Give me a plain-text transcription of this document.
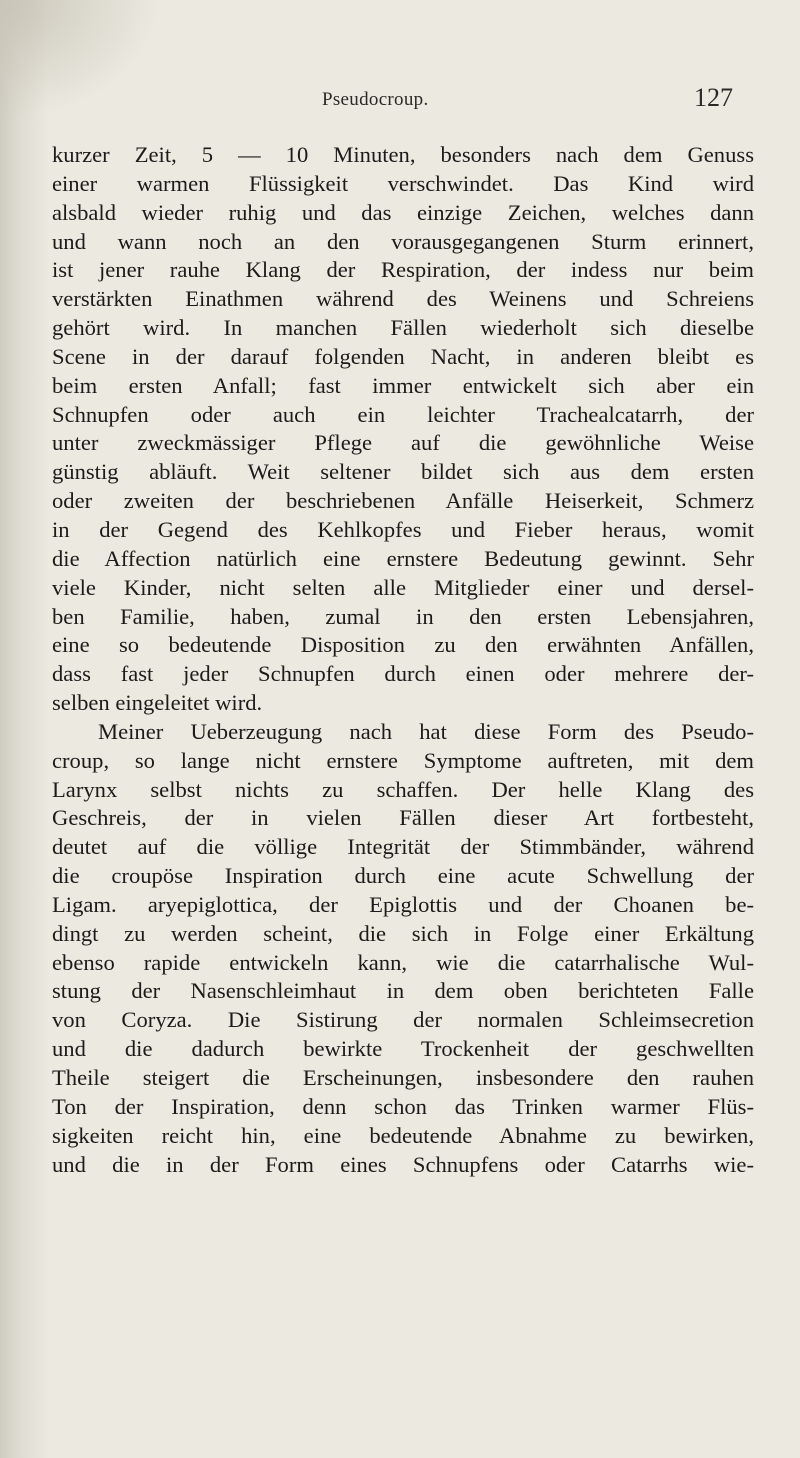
Pseudocroup.	127
kurzer Zeit, 5 — 10 Minuten, besonders nach dem Genuss
einer warmen Flüssigkeit verschwindet. Das Kind wird
alsbald wieder ruhig und das einzige Zeichen, welches dann
und wann noch an den vorausgegangenen Sturm erinnert,
ist jener rauhe Klang der Respiration, der indess nur beim
verstärkten Einathmen während des Weinens und Schreiens
gehört wird. In manchen Fällen wiederholt sich dieselbe
Scene in der darauf folgenden Nacht, in anderen bleibt es
beim ersten Anfall; fast immer entwickelt sich aber ein
Schnupfen oder auch ein leichter Trachealcatarrh, der
unter zweckmässiger Pflege auf die gewöhnliche Weise
günstig abläuft. Weit seltener bildet sich aus dem ersten
oder zweiten der beschriebenen Anfälle Heiserkeit, Schmerz
in der Gegend des Kehlkopfes und Fieber heraus, womit
die Affection natürlich eine ernstere Bedeutung gewinnt. Sehr
viele Kinder, nicht selten alle Mitglieder einer und dersel-
ben Familie, haben, zumal in den ersten Lebensjahren,
eine so bedeutende Disposition zu den erwähnten Anfällen,
dass fast jeder Schnupfen durch einen oder mehrere der-
selben eingeleitet wird.
Meiner Ueberzeugung nach hat diese Form des Pseudo-
croup, so lange nicht ernstere Symptome auftreten, mit dem
Larynx selbst nichts zu schaffen. Der helle Klang des
Geschreis, der in vielen Fällen dieser Art fortbesteht,
deutet auf die völlige Integrität der Stimmbänder, während
die croupöse Inspiration durch eine acute Schwellung der
Ligam. aryepiglottica, der Epiglottis und der Choanen be-
dingt zu werden scheint, die sich in Folge einer Erkältung
ebenso rapide entwickeln kann, wie die catarrhalische Wul-
stung der Nasenschleimhaut in dem oben berichteten Falle
von Coryza. Die Sistirung der normalen Schleimsecretion
und die dadurch bewirkte Trockenheit der geschwellten
Theile steigert die Erscheinungen, insbesondere den rauhen
Ton der Inspiration, denn schon das Trinken warmer Flüs-
sigkeiten reicht hin, eine bedeutende Abnahme zu bewirken,
und die in der Form eines Schnupfens oder Catarrhs wie-
